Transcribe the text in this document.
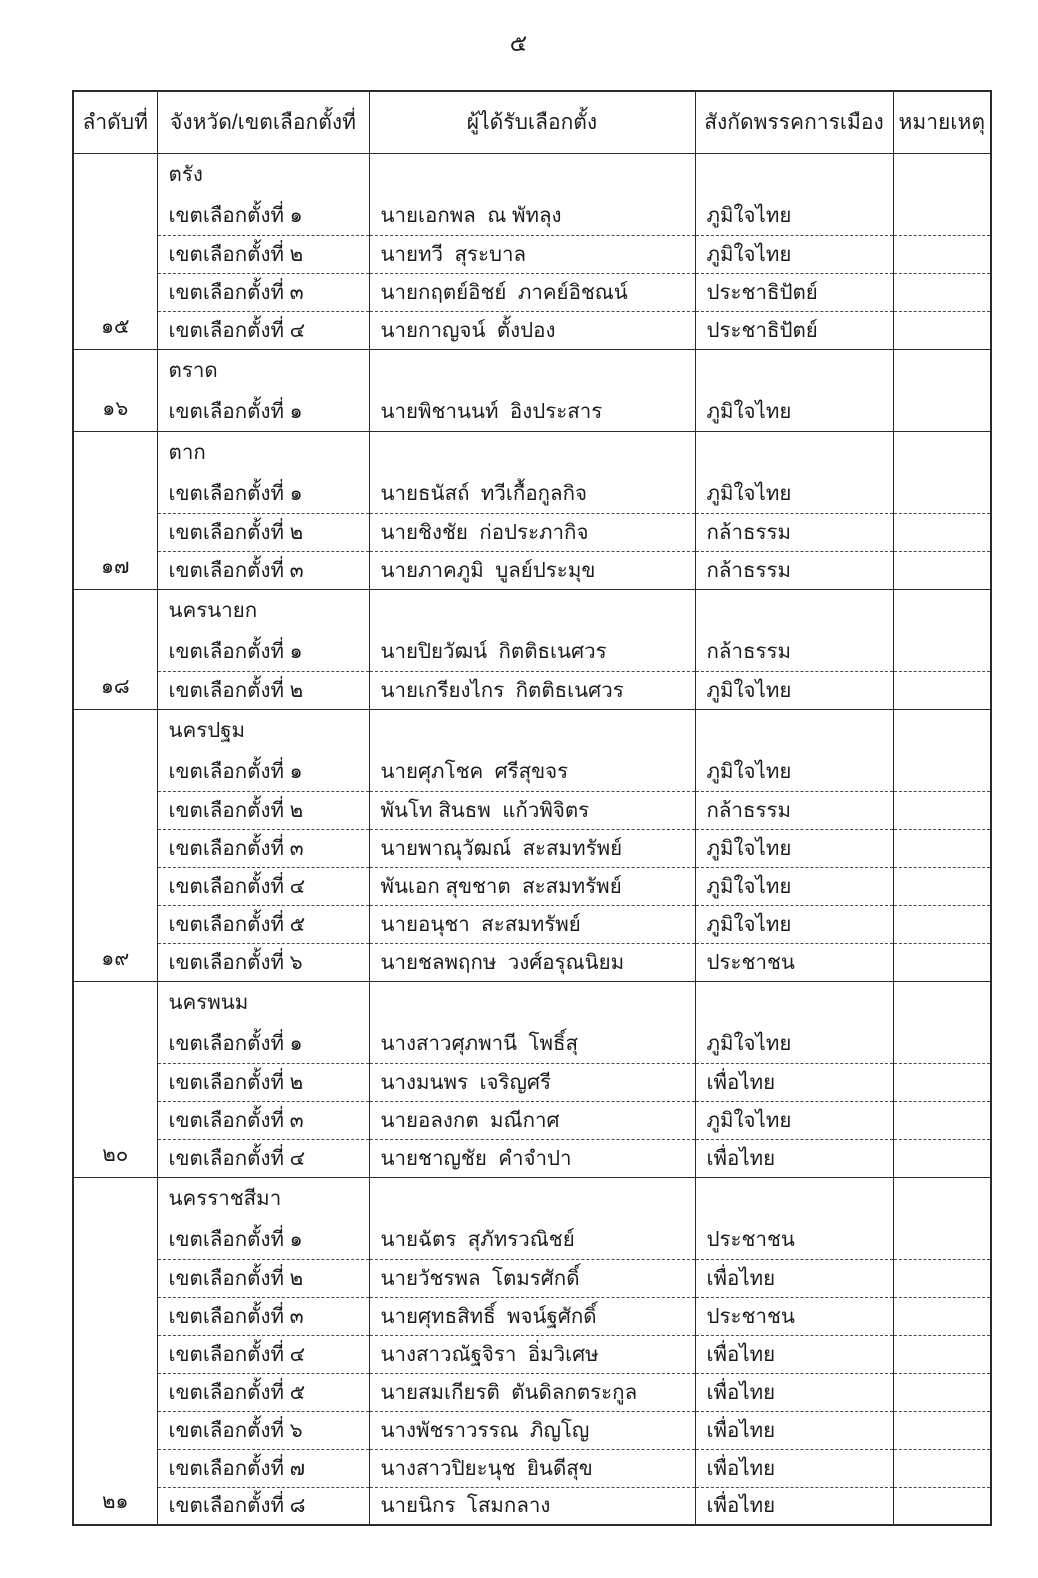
๕
ลำดับที่	จังหวัด/เขตเลือกตั้งที่	ผู้ได้รับเลือกตั้ง	สังกัดพรรคการเมือง	หมายเหตุ
๑๕	ตรัง			
	เขตเลือกตั้งที่ ๑	นายเอกพล  ณ พัทลุง	ภูมิใจไทย	
	เขตเลือกตั้งที่ ๒	นายทวี  สุระบาล	ภูมิใจไทย	
	เขตเลือกตั้งที่ ๓	นายกฤตย์อิชย์  ภาคย์อิชณน์	ประชาธิปัตย์	
	เขตเลือกตั้งที่ ๔	นายกาญจน์  ตั้งปอง	ประชาธิปัตย์	
๑๖	ตราด			
	เขตเลือกตั้งที่ ๑	นายพิชานนท์  อิงประสาร	ภูมิใจไทย	
๑๗	ตาก			
	เขตเลือกตั้งที่ ๑	นายธนัสถ์  ทวีเกื้อกูลกิจ	ภูมิใจไทย	
	เขตเลือกตั้งที่ ๒	นายชิงชัย  ก่อประภากิจ	กล้าธรรม	
	เขตเลือกตั้งที่ ๓	นายภาคภูมิ  บูลย์ประมุข	กล้าธรรม	
๑๘	นครนายก			
	เขตเลือกตั้งที่ ๑	นายปิยวัฒน์  กิตติธเนศวร	กล้าธรรม	
	เขตเลือกตั้งที่ ๒	นายเกรียงไกร  กิตติธเนศวร	ภูมิใจไทย	
๑๙	นครปฐม			
	เขตเลือกตั้งที่ ๑	นายศุภโชค  ศรีสุขจร	ภูมิใจไทย	
	เขตเลือกตั้งที่ ๒	พันโท สินธพ  แก้วพิจิตร	กล้าธรรม	
	เขตเลือกตั้งที่ ๓	นายพาณุวัฒณ์  สะสมทรัพย์	ภูมิใจไทย	
	เขตเลือกตั้งที่ ๔	พันเอก สุขชาต  สะสมทรัพย์	ภูมิใจไทย	
	เขตเลือกตั้งที่ ๕	นายอนุชา  สะสมทรัพย์	ภูมิใจไทย	
	เขตเลือกตั้งที่ ๖	นายชลพฤกษ  วงศ์อรุณนิยม	ประชาชน	
๒๐	นครพนม			
	เขตเลือกตั้งที่ ๑	นางสาวศุภพานี  โพธิ์สุ	ภูมิใจไทย	
	เขตเลือกตั้งที่ ๒	นางมนพร  เจริญศรี	เพื่อไทย	
	เขตเลือกตั้งที่ ๓	นายอลงกต  มณีกาศ	ภูมิใจไทย	
	เขตเลือกตั้งที่ ๔	นายชาญชัย  คำจำปา	เพื่อไทย	
๒๑	นครราชสีมา			
	เขตเลือกตั้งที่ ๑	นายฉัตร  สุภัทรวณิชย์	ประชาชน	
	เขตเลือกตั้งที่ ๒	นายวัชรพล  โตมรศักดิ์	เพื่อไทย	
	เขตเลือกตั้งที่ ๓	นายศุทธสิทธิ์  พจน์ฐศักดิ์	ประชาชน	
	เขตเลือกตั้งที่ ๔	นางสาวณัฐจิรา  อิ่มวิเศษ	เพื่อไทย	
	เขตเลือกตั้งที่ ๕	นายสมเกียรติ  ตันดิลกตระกูล	เพื่อไทย	
	เขตเลือกตั้งที่ ๖	นางพัชราวรรณ  ภิญโญ	เพื่อไทย	
	เขตเลือกตั้งที่ ๗	นางสาวปิยะนุช  ยินดีสุข	เพื่อไทย	
	เขตเลือกตั้งที่ ๘	นายนิกร  โสมกลาง	เพื่อไทย	
